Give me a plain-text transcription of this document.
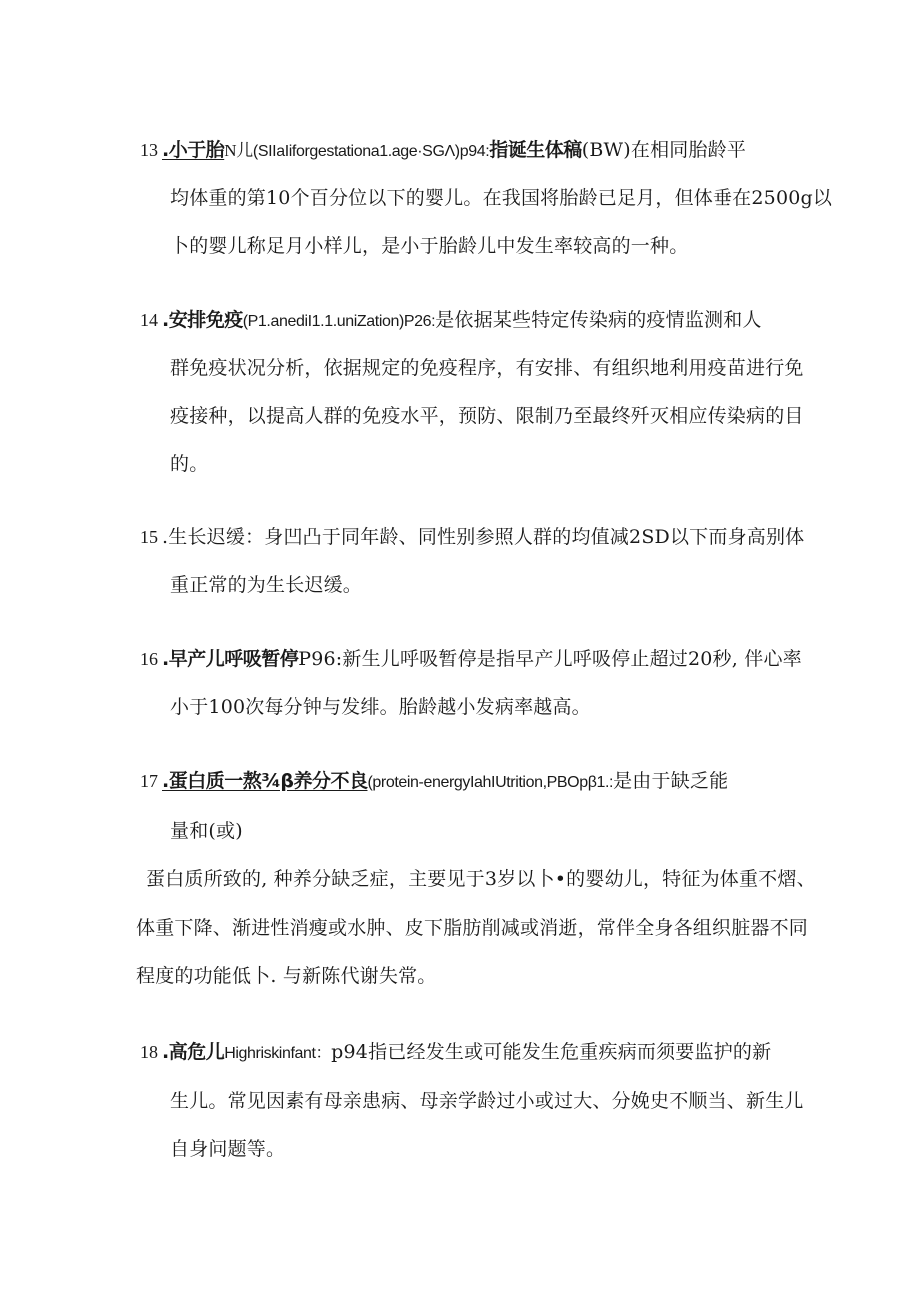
13 .小于胎N儿(SIIaIiforgestationa1.age·SGΛ)p94:指诞生体稿(BW)在相同胎龄平
均体重的第10个百分位以下的婴儿。在我国将胎龄已足月，但体垂在2500g以
卜的婴儿称足月小样儿，是小于胎龄儿中发生率较高的一种。
14 .安排免疫(P1.anediI1.1.uniZation)P26:是依据某些特定传染病的疫情监测和人
群免疫状况分析，依据规定的免疫程序，有安排、有组织地利用疫苗进行免
疫接种，以提高人群的免疫水平，预防、限制乃至最终歼灭相应传染病的目
的。
15 .生长迟缓：身凹凸于同年龄、同性别参照人群的均值减2SD以下而身高别体
重正常的为生长迟缓。
16 .早产儿呼吸暂停P96:新生儿呼吸暂停是指早产儿呼吸停止超过20秒, 伴心率
小于100次每分钟与发绯。胎龄越小发病率越高。
17 .蛋白质一熬¾β养分不良(protein-energyIahIUtrition,PBOpβ1.:是由于缺乏能
量和(或)
蛋白质所致的, 种养分缺乏症，主要见于3岁以卜•的婴幼儿，特征为体重不熠、
体重下降、渐进性消瘦或水肿、皮下脂肪削减或消逝，常伴全身各组织脏器不同
程度的功能低卜. 与新陈代谢失常。
18 .高危儿Highriskinfant：p94指已经发生或可能发生危重疾病而须要监护的新
生儿。常见因素有母亲患病、母亲学龄过小或过大、分娩史不顺当、新生儿
自身问题等。
